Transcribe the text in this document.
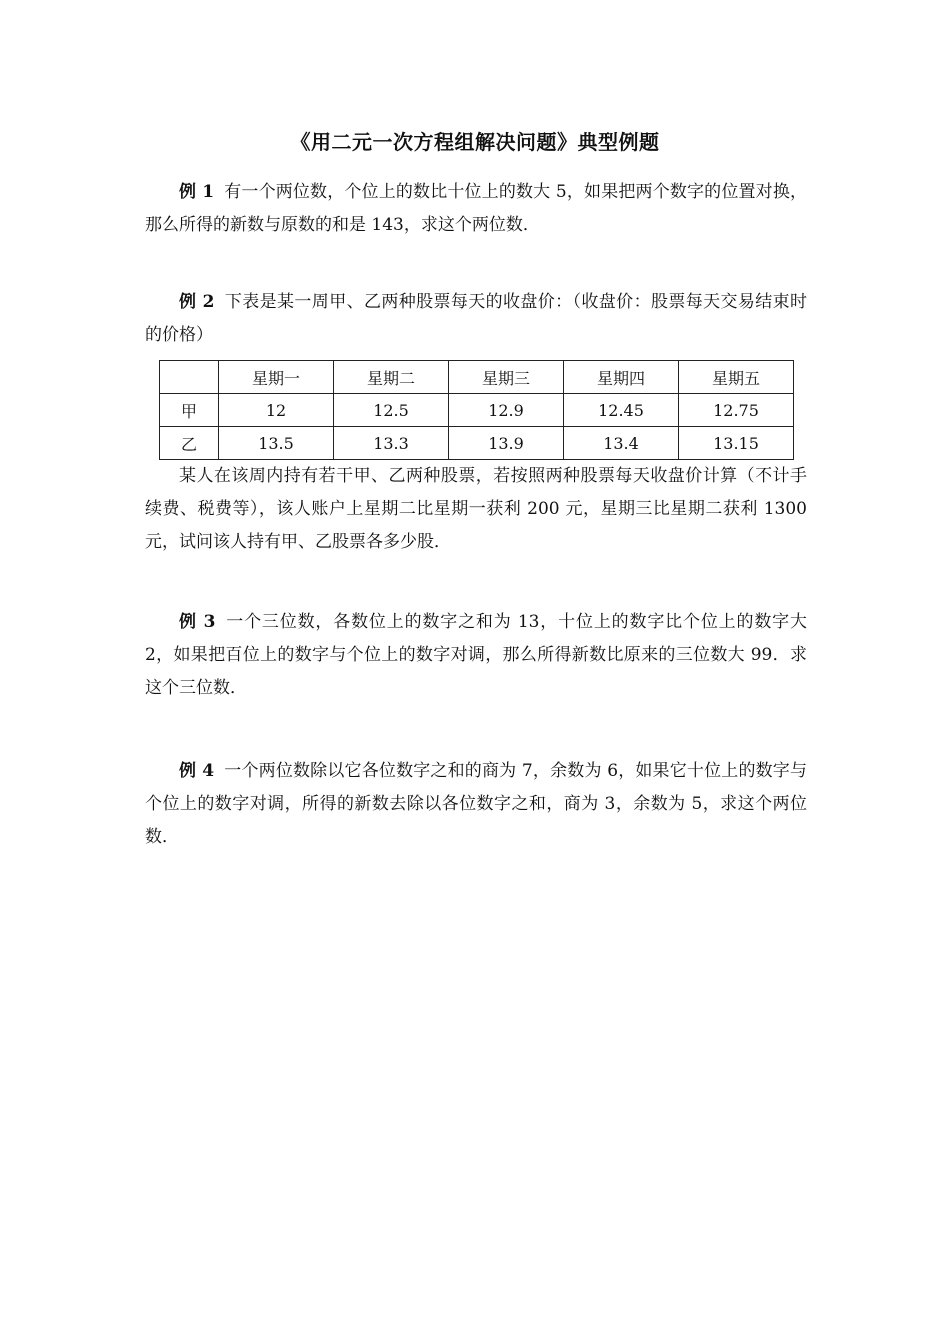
《用二元一次方程组解决问题》典型例题

例 1 有一个两位数，个位上的数比十位上的数大 5，如果把两个数字的位置对换，那么所得的新数与原数的和是 143，求这个两位数．

例 2 下表是某一周甲、乙两种股票每天的收盘价：（收盘价：股票每天交易结束时的价格）

	星期一	星期二	星期三	星期四	星期五
甲	12	12.5	12.9	12.45	12.75
乙	13.5	13.3	13.9	13.4	13.15

某人在该周内持有若干甲、乙两种股票，若按照两种股票每天收盘价计算（不计手续费、税费等），该人账户上星期二比星期一获利 200 元，星期三比星期二获利 1300 元，试问该人持有甲、乙股票各多少股．

例 3 一个三位数，各数位上的数字之和为 13，十位上的数字比个位上的数字大 2，如果把百位上的数字与个位上的数字对调，那么所得新数比原来的三位数大 99．求这个三位数．

例 4 一个两位数除以它各位数字之和的商为 7，余数为 6，如果它十位上的数字与个位上的数字对调，所得的新数去除以各位数字之和，商为 3，余数为 5，求这个两位数．
